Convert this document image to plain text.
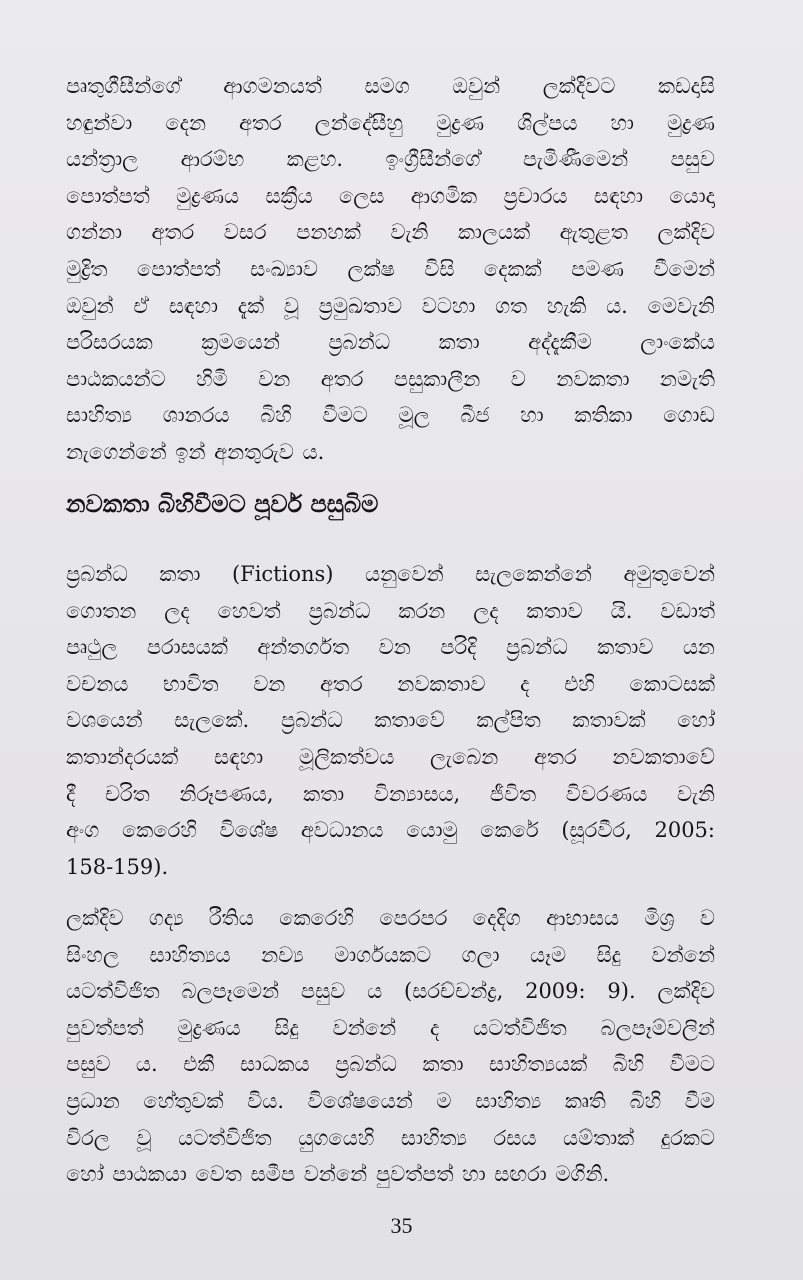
පෘතුගීසීන්ගේ ආගමනයත් සමග ඔවුන් ලක්දිවට කඩදාසි
හඳුන්වා දෙන අතර ලන්දේසීහු මුද්‍රණ ශිල්පය හා මුද්‍රණ
යන්ත්‍රාල ආරම්භ කළහ. ඉංග්‍රීසීන්ගේ පැමිණීමෙන් පසුව
පොත්පත් මුද්‍රණය සක්‍රීය ලෙස ආගමික ප්‍රචාරය සඳහා යොදා
ගන්නා අතර වසර පනහක් වැනි කාලයක් ඇතුළත ලක්දිව
මුද්‍රිත පොත්පත් සංඛ්‍යාව ලක්ෂ විසි දෙකක් පමණ වීමෙන්
ඔවුන් ඒ සඳහා දැක් වූ ප්‍රමුඛතාව වටහා ගත හැකි ය. මෙවැනි
පරිසරයක ක්‍රමයෙන් ප්‍රබන්ධ කතා අද්දැකීම ලාංකේය
පාඨකයන්ට හිමි වන අතර පසුකාලීන ව නවකතා නමැති
සාහිත්‍ය ශානරය බිහි වීමට මූල බීජ හා කතිකා ගොඩ
නැගෙන්නේ ඉන් අනතුරුව ය.
නවකතා බිහිවීමට පූර්ව පසුබිම
ප්‍රබන්ධ කතා (Fictions) යනුවෙන් සැලකෙන්නේ අමුතුවෙන්
ගොතන ලද හෙවත් ප්‍රබන්ධ කරන ලද කතාව යි. වඩාත්
පෘථුල පරාසයක් අන්තර්ගත වන පරිදි ප්‍රබන්ධ කතාව යන
වචනය භාවිත වන අතර නවකතාව ද එහි කොටසක්
වශයෙන් සැලකේ. ප්‍රබන්ධ කතාවේ කල්පිත කතාවක් හෝ
කතාන්දරයක් සඳහා මූලිකත්වය ලැබෙන අතර නවකතාවේ
දී චරිත නිරූපණය, කතා වින්‍යාසය, ජීවිත විවරණය වැනි
අංග කෙරෙහි විශේෂ අවධානය යොමු කෙරේ (සූරවීර, 2005:
158-159).
ලක්දිව ගද්‍ය රීතිය කෙරෙහි පෙරපර දෙදිග ආභාසය මිශ්‍ර ව
සිංහල සාහිත්‍යය නව්‍ය මාර්ගයකට ගලා යෑම සිදු වන්නේ
යටත්විජිත බලපෑමෙන් පසුව ය (සරච්චන්ද්‍ර, 2009: 9). ලක්දිව
පුවත්පත් මුද්‍රණය සිදු වන්නේ ද යටත්විජිත බලපෑම්වලින්
පසුව ය. එකී සාධකය ප්‍රබන්ධ කතා සාහිත්‍යයක් බිහි වීමට
ප්‍රධාන හේතුවක් විය. විශේෂයෙන් ම සාහිත්‍ය කෘති බිහි වීම
විරල වූ යටත්විජිත යුගයෙහි සාහිත්‍ය රසය යම්තාක් දුරකට
හෝ පාඨකයා වෙත සමීප වන්නේ පුවත්පත් හා සඟරා මගිනි.
35
